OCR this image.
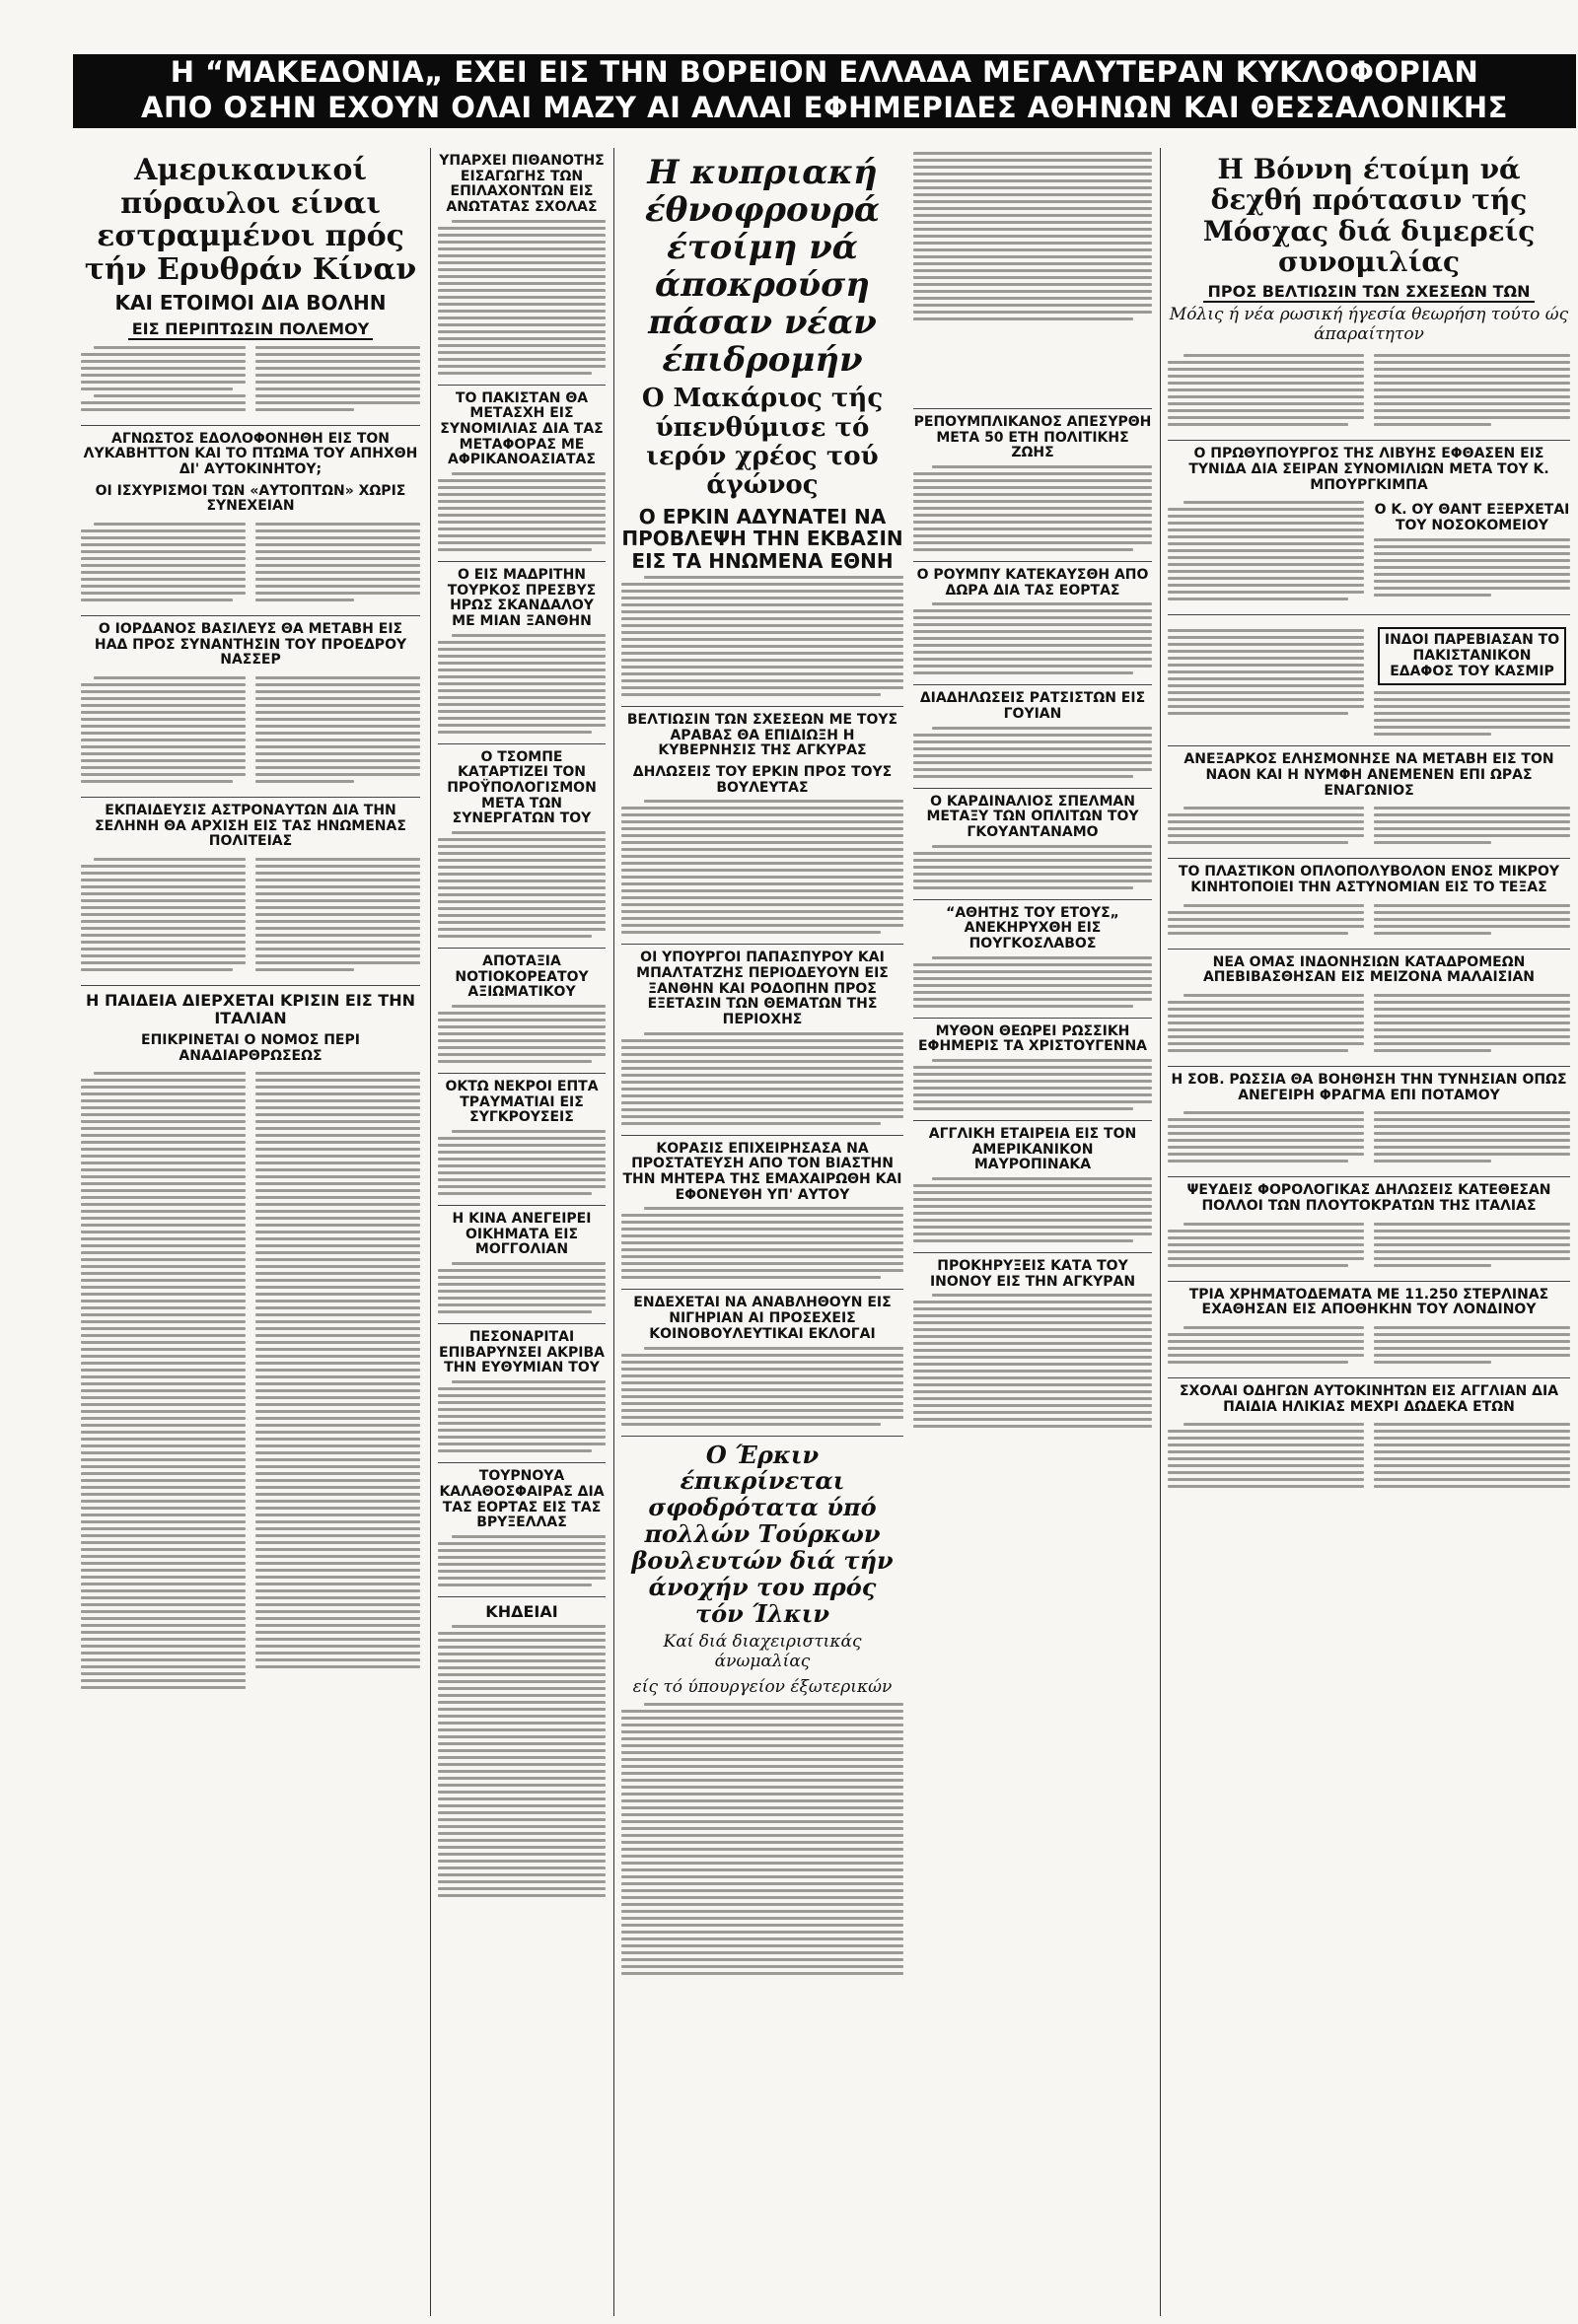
Η “ΜΑΚΕΔΟΝΙΑ„ ΕΧΕΙ ΕΙΣ ΤΗΝ ΒΟΡΕΙΟΝ ΕΛΛΑΔΑ ΜΕΓΑΛΥΤΕΡΑΝ ΚΥΚΛΟΦΟΡΙΑΝ
ΑΠΟ ΟΣΗΝ ΕΧΟΥΝ ΟΛΑΙ ΜΑΖΥ ΑΙ ΑΛΛΑΙ ΕΦΗΜΕΡΙΔΕΣ ΑΘΗΝΩΝ ΚΑΙ ΘΕΣΣΑΛΟΝΙΚΗΣ
Αμερικανικοί πύραυλοι είναι εστραμμένοι πρός τήν Ερυθράν Κίναν
ΚΑΙ ΕΤΟΙΜΟΙ ΔΙΑ ΒΟΛΗΝ
ΕΙΣ ΠΕΡΙΠΤΩΣΙΝ ΠΟΛΕΜΟΥ
ΑΓΝΩΣΤΟΣ ΕΔΟΛΟΦΟΝΗΘΗ ΕΙΣ ΤΟΝ ΛΥΚΑΒΗΤΤΟΝ ΚΑΙ ΤΟ ΠΤΩΜΑ ΤΟΥ ΑΠΗΧΘΗ ΔΙ' ΑΥΤΟΚΙΝΗΤΟΥ;
ΟΙ ΙΣΧΥΡΙΣΜΟΙ ΤΩΝ «ΑΥΤΟΠΤΩΝ» ΧΩΡΙΣ ΣΥΝΕΧΕΙΑΝ
Ο ΙΟΡΔΑΝΟΣ ΒΑΣΙΛΕΥΣ ΘΑ ΜΕΤΑΒΗ ΕΙΣ ΗΑΔ ΠΡΟΣ ΣΥΝΑΝΤΗΣΙΝ ΤΟΥ ΠΡΟΕΔΡΟΥ ΝΑΣΣΕΡ
ΕΚΠΑΙΔΕΥΣΙΣ ΑΣΤΡΟΝΑΥΤΩΝ ΔΙΑ ΤΗΝ ΣΕΛΗΝΗ ΘΑ ΑΡΧΙΣΗ ΕΙΣ ΤΑΣ ΗΝΩΜΕΝΑΣ ΠΟΛΙΤΕΙΑΣ
Η ΠΑΙΔΕΙΑ ΔΙΕΡΧΕΤΑΙ ΚΡΙΣΙΝ ΕΙΣ ΤΗΝ ΙΤΑΛΙΑΝ
ΕΠΙΚΡΙΝΕΤΑΙ Ο ΝΟΜΟΣ ΠΕΡΙ ΑΝΑΔΙΑΡΘΡΩΣΕΩΣ
ΥΠΑΡΧΕΙ ΠΙΘΑΝΟΤΗΣ ΕΙΣΑΓΩΓΗΣ ΤΩΝ ΕΠΙΛΑΧΟΝΤΩΝ ΕΙΣ ΑΝΩΤΑΤΑΣ ΣΧΟΛΑΣ
ΤΟ ΠΑΚΙΣΤΑΝ ΘΑ ΜΕΤΑΣΧΗ ΕΙΣ ΣΥΝΟΜΙΛΙΑΣ ΔΙΑ ΤΑΣ ΜΕΤΑΦΟΡΑΣ ΜΕ ΑΦΡΙΚΑΝΟΑΣΙΑΤΑΣ
Ο ΕΙΣ ΜΑΔΡΙΤΗΝ ΤΟΥΡΚΟΣ ΠΡΕΣΒΥΣ ΗΡΩΣ ΣΚΑΝΔΑΛΟΥ ΜΕ ΜΙΑΝ ΞΑΝΘΗΝ
Ο ΤΣΟΜΠΕ ΚΑΤΑΡΤΙΖΕΙ ΤΟΝ ΠΡΟΫΠΟΛΟΓΙΣΜΟΝ ΜΕΤΑ ΤΩΝ ΣΥΝΕΡΓΑΤΩΝ ΤΟΥ
ΑΠΟΤΑΞΙΑ ΝΟΤΙΟΚΟΡΕΑΤΟΥ ΑΞΙΩΜΑΤΙΚΟΥ
ΟΚΤΩ ΝΕΚΡΟΙ ΕΠΤΑ ΤΡΑΥΜΑΤΙΑΙ ΕΙΣ ΣΥΓΚΡΟΥΣΕΙΣ
Η ΚΙΝΑ ΑΝΕΓΕΙΡΕΙ ΟΙΚΗΜΑΤΑ ΕΙΣ ΜΟΓΓΟΛΙΑΝ
ΠΕΣΟΝΑΡΙΤΑΙ ΕΠΙΒΑΡΥΝΣΕΙ ΑΚΡΙΒΑ ΤΗΝ ΕΥΘΥΜΙΑΝ ΤΟΥ
ΤΟΥΡΝΟΥΑ ΚΑΛΑΘΟΣΦΑΙΡΑΣ ΔΙΑ ΤΑΣ ΕΟΡΤΑΣ ΕΙΣ ΤΑΣ ΒΡΥΞΕΛΛΑΣ
ΚΗΔΕΙΑΙ
Η κυπριακή έθνοφρουρά έτοίμη νά άποκρούση πάσαν νέαν έπιδρομήν
Ο Μακάριος τής ύπενθύμισε τό ιερόν χρέος τού άγώνος
Ο ΕΡΚΙΝ ΑΔΥΝΑΤΕΙ ΝΑ ΠΡΟΒΛΕΨΗ ΤΗΝ ΕΚΒΑΣΙΝ ΕΙΣ ΤΑ ΗΝΩΜΕΝΑ ΕΘΝΗ
ΒΕΛΤΙΩΣΙΝ ΤΩΝ ΣΧΕΣΕΩΝ ΜΕ ΤΟΥΣ ΑΡΑΒΑΣ ΘΑ ΕΠΙΔΙΩΞΗ Η ΚΥΒΕΡΝΗΣΙΣ ΤΗΣ ΑΓΚΥΡΑΣ
ΔΗΛΩΣΕΙΣ ΤΟΥ ΕΡΚΙΝ ΠΡΟΣ ΤΟΥΣ ΒΟΥΛΕΥΤΑΣ
ΟΙ ΥΠΟΥΡΓΟΙ ΠΑΠΑΣΠΥΡΟΥ ΚΑΙ ΜΠΑΛΤΑΤΖΗΣ ΠΕΡΙΟΔΕΥΟΥΝ ΕΙΣ ΞΑΝΘΗΝ ΚΑΙ ΡΟΔΟΠΗΝ ΠΡΟΣ ΕΞΕΤΑΣΙΝ ΤΩΝ ΘΕΜΑΤΩΝ ΤΗΣ ΠΕΡΙΟΧΗΣ
ΚΟΡΑΣΙΣ ΕΠΙΧΕΙΡΗΣΑΣΑ ΝΑ ΠΡΟΣΤΑΤΕΥΣΗ ΑΠΟ ΤΟΝ ΒΙΑΣΤΗΝ ΤΗΝ ΜΗΤΕΡΑ ΤΗΣ ΕΜΑΧΑΙΡΩΘΗ ΚΑΙ ΕΦΟΝΕΥΘΗ ΥΠ' ΑΥΤΟΥ
ΕΝΔΕΧΕΤΑΙ ΝΑ ΑΝΑΒΛΗΘΟΥΝ ΕΙΣ ΝΙΓΗΡΙΑΝ ΑΙ ΠΡΟΣΕΧΕΙΣ ΚΟΙΝΟΒΟΥΛΕΥΤΙΚΑΙ ΕΚΛΟΓΑΙ
Ο Έρκιν έπικρίνεται σφοδρότατα ύπό πολλών Τούρκων βουλευτών διά τήν άνοχήν του πρός τόν Ίλκιν
Καί διά διαχειριστικάς άνωμαλίας
είς τό ύπουργείον έξωτερικών
ΡΕΠΟΥΜΠΛΙΚΑΝΟΣ ΑΠΕΣΥΡΘΗ ΜΕΤΑ 50 ΕΤΗ ΠΟΛΙΤΙΚΗΣ ΖΩΗΣ
Ο ΡΟΥΜΠΥ ΚΑΤΕΚΑΥΣΘΗ ΑΠΟ ΔΩΡΑ ΔΙΑ ΤΑΣ ΕΟΡΤΑΣ
ΔΙΑΔΗΛΩΣΕΙΣ ΡΑΤΣΙΣΤΩΝ ΕΙΣ ΓΟΥΙΑΝ
Ο ΚΑΡΔΙΝΑΛΙΟΣ ΣΠΕΛΜΑΝ ΜΕΤΑΞΥ ΤΩΝ ΟΠΛΙΤΩΝ ΤΟΥ ΓΚΟΥΑΝΤΑΝΑΜΟ
“ΑΘΗΤΗΣ ΤΟΥ ΕΤΟΥΣ„ ΑΝΕΚΗΡΥΧΘΗ ΕΙΣ ΠΟΥΓΚΟΣΛΑΒΟΣ
ΜΥΘΟΝ ΘΕΩΡΕΙ ΡΩΣΣΙΚΗ ΕΦΗΜΕΡΙΣ ΤΑ ΧΡΙΣΤΟΥΓΕΝΝΑ
ΑΓΓΛΙΚΗ ΕΤΑΙΡΕΙΑ ΕΙΣ ΤΟΝ ΑΜΕΡΙΚΑΝΙΚΟΝ ΜΑΥΡΟΠΙΝΑΚΑ
ΠΡΟΚΗΡΥΞΕΙΣ ΚΑΤΑ ΤΟΥ ΙΝΟΝΟΥ ΕΙΣ ΤΗΝ ΑΓΚΥΡΑΝ
Η Βόννη έτοίμη νά δεχθή πρότασιν τής Μόσχας διά διμερείς συνομιλίας
ΠΡΟΣ ΒΕΛΤΙΩΣΙΝ ΤΩΝ ΣΧΕΣΕΩΝ ΤΩΝ
Μόλις ή νέα ρωσική ήγεσία θεωρήση τούτο ώς άπαραίτητον
Ο ΠΡΩΘΥΠΟΥΡΓΟΣ ΤΗΣ ΛΙΒΥΗΣ ΕΦΘΑΣΕΝ ΕΙΣ ΤΥΝΙΔΑ ΔΙΑ ΣΕΙΡΑΝ ΣΥΝΟΜΙΛΙΩΝ ΜΕΤΑ ΤΟΥ Κ. ΜΠΟΥΡΓΚΙΜΠΑ
Ο Κ. ΟΥ ΘΑΝΤ ΕΞΕΡΧΕΤΑΙ ΤΟΥ ΝΟΣΟΚΟΜΕΙΟΥ
ΙΝΔΟΙ ΠΑΡΕΒΙΑΣΑΝ ΤΟ ΠΑΚΙΣΤΑΝΙΚΟΝ ΕΔΑΦΟΣ ΤΟΥ ΚΑΣΜΙΡ
ΑΝΕΞΑΡΚΟΣ ΕΛΗΣΜΟΝΗΣΕ ΝΑ ΜΕΤΑΒΗ ΕΙΣ ΤΟΝ ΝΑΟΝ ΚΑΙ Η ΝΥΜΦΗ ΑΝΕΜΕΝΕΝ ΕΠΙ ΩΡΑΣ ΕΝΑΓΩΝΙΟΣ
ΤΟ ΠΛΑΣΤΙΚΟΝ ΟΠΛΟΠΟΛΥΒΟΛΟΝ ΕΝΟΣ ΜΙΚΡΟΥ ΚΙΝΗΤΟΠΟΙΕΙ ΤΗΝ ΑΣΤΥΝΟΜΙΑΝ ΕΙΣ ΤΟ ΤΕΞΑΣ
ΝΕΑ ΟΜΑΣ ΙΝΔΟΝΗΣΙΩΝ ΚΑΤΑΔΡΟΜΕΩΝ ΑΠΕΒΙΒΑΣΘΗΣΑΝ ΕΙΣ ΜΕΙΖΟΝΑ ΜΑΛΑΙΣΙΑΝ
Η ΣΟΒ. ΡΩΣΣΙΑ ΘΑ ΒΟΗΘΗΣΗ ΤΗΝ ΤΥΝΗΣΙΑΝ ΟΠΩΣ ΑΝΕΓΕΙΡΗ ΦΡΑΓΜΑ ΕΠΙ ΠΟΤΑΜΟΥ
ΨΕΥΔΕΙΣ ΦΟΡΟΛΟΓΙΚΑΣ ΔΗΛΩΣΕΙΣ ΚΑΤΕΘΕΣΑΝ ΠΟΛΛΟΙ ΤΩΝ ΠΛΟΥΤΟΚΡΑΤΩΝ ΤΗΣ ΙΤΑΛΙΑΣ
ΤΡΙΑ ΧΡΗΜΑΤΟΔΕΜΑΤΑ ΜΕ 11.250 ΣΤΕΡΛΙΝΑΣ ΕΧΑΘΗΣΑΝ ΕΙΣ ΑΠΟΘΗΚΗΝ ΤΟΥ ΛΟΝΔΙΝΟΥ
ΣΧΟΛΑΙ ΟΔΗΓΩΝ ΑΥΤΟΚΙΝΗΤΩΝ ΕΙΣ ΑΓΓΛΙΑΝ ΔΙΑ ΠΑΙΔΙΑ ΗΛΙΚΙΑΣ ΜΕΧΡΙ ΔΩΔΕΚΑ ΕΤΩΝ
